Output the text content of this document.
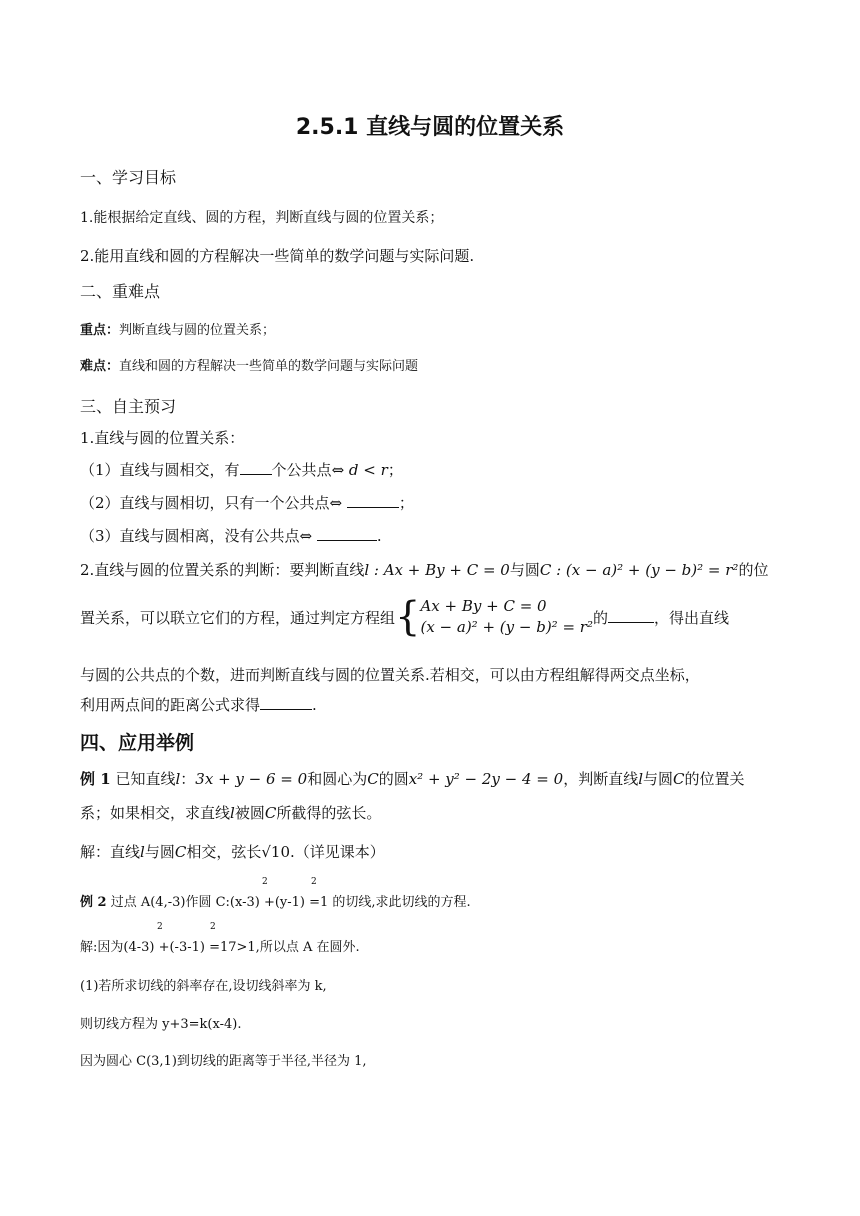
2.5.1 直线与圆的位置关系
一、学习目标
1.能根据给定直线、圆的方程，判断直线与圆的位置关系；
2.能用直线和圆的方程解决一些简单的数学问题与实际问题.
二、重难点
重点：判断直线与圆的位置关系；
难点：直线和圆的方程解决一些简单的数学问题与实际问题
三、自主预习
1.直线与圆的位置关系：
（1）直线与圆相交，有 个公共点⇔ d < r；
（2）直线与圆相切，只有一个公共点⇔	；
（3）直线与圆相离，没有公共点⇔	.
2.直线与圆的位置关系的判断：要判断直线l : Ax + By + C = 0与圆C : (x − a)² + (y − b)² = r²的位
置关系，可以联立它们的方程，通过判定方程组{Ax + By + C = 0
(x − a)² + (y − b)² = r²的	，得出直线
与圆的公共点的个数，进而判断直线与圆的位置关系.若相交，可以由方程组解得两交点坐标，
利用两点间的距离公式求得	.
四、应用举例
例 1 已知直线l：3x + y − 6 = 0和圆心为C的圆x² + y² − 2y − 4 = 0，判断直线l与圆C的位置关
系；如果相交，求直线l被圆C所截得的弦长。
解：直线l与圆C相交，弦长√10.（详见课本）
例 2 过点 A(4,-3)作圆 C:(x-3) +(y-1) =1 的切线,求此切线的方程.
2	2
解:因为(4-3) +(-3-1) =17>1,所以点 A 在圆外.
2	2
(1)若所求切线的斜率存在,设切线斜率为 k,
则切线方程为 y+3=k(x-4).
因为圆心 C(3,1)到切线的距离等于半径,半径为 1,
